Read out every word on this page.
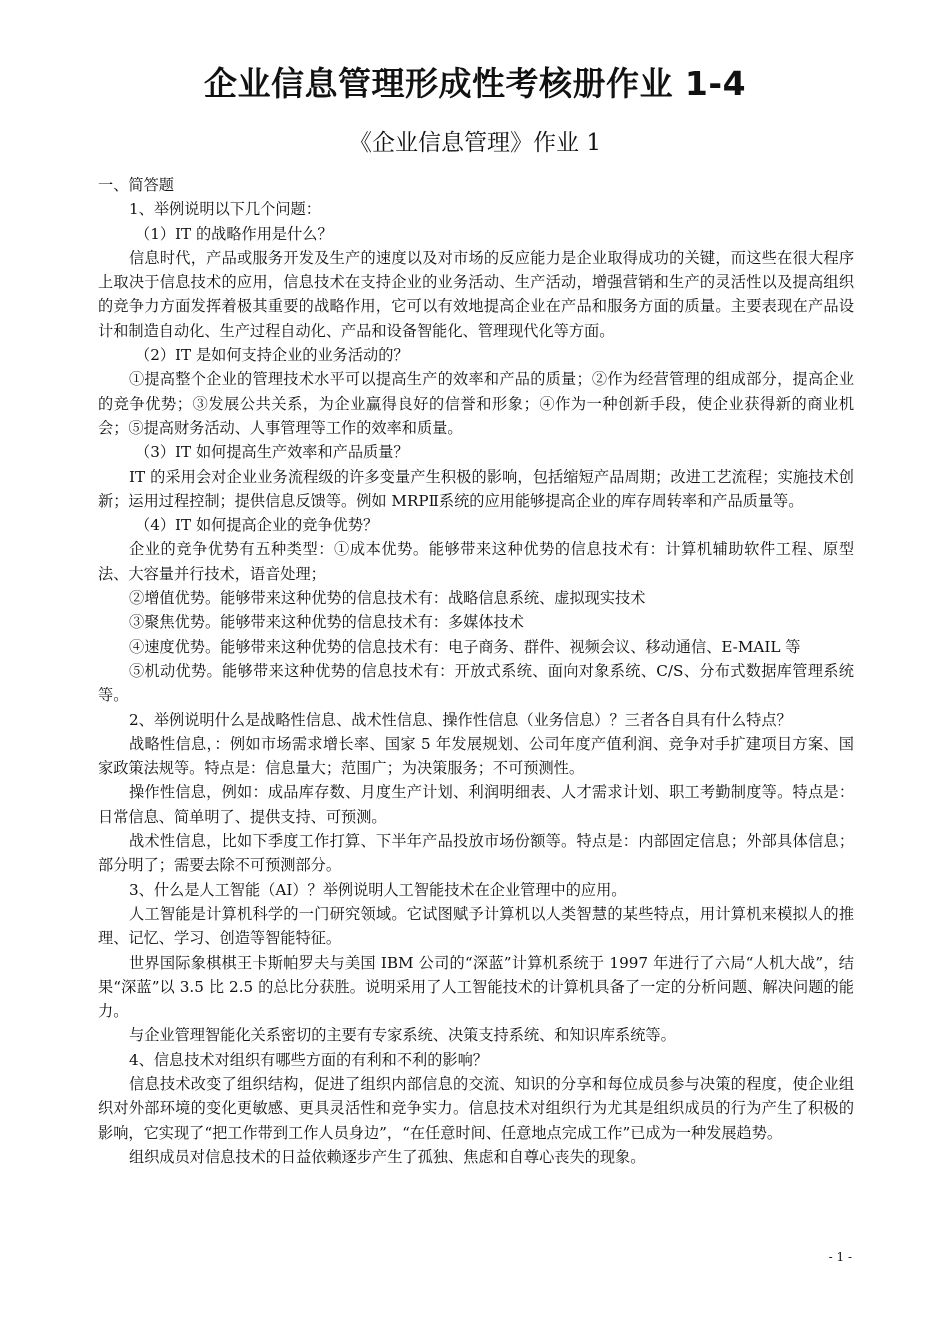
企业信息管理形成性考核册作业 1-4
《企业信息管理》作业 1

一、简答题

1、举例说明以下几个问题：

（1）IT 的战略作用是什么？

信息时代，产品或服务开发及生产的速度以及对市场的反应能力是企业取得成功的关键，而这些在很大程序上取决于信息技术的应用，信息技术在支持企业的业务活动、生产活动，增强营销和生产的灵活性以及提高组织的竞争力方面发挥着极其重要的战略作用，它可以有效地提高企业在产品和服务方面的质量。主要表现在产品设计和制造自动化、生产过程自动化、产品和设备智能化、管理现代化等方面。

（2）IT 是如何支持企业的业务活动的？

①提高整个企业的管理技术水平可以提高生产的效率和产品的质量；②作为经营管理的组成部分，提高企业的竞争优势；③发展公共关系，为企业赢得良好的信誉和形象；④作为一种创新手段，使企业获得新的商业机会；⑤提高财务活动、人事管理等工作的效率和质量。

（3）IT 如何提高生产效率和产品质量？

IT 的采用会对企业业务流程级的许多变量产生积极的影响，包括缩短产品周期；改进工艺流程；实施技术创新；运用过程控制；提供信息反馈等。例如 MRPⅡ系统的应用能够提高企业的库存周转率和产品质量等。

（4）IT 如何提高企业的竞争优势？

企业的竞争优势有五种类型：①成本优势。能够带来这种优势的信息技术有：计算机辅助软件工程、原型法、大容量并行技术，语音处理；

②增值优势。能够带来这种优势的信息技术有：战略信息系统、虚拟现实技术

③聚焦优势。能够带来这种优势的信息技术有：多媒体技术

④速度优势。能够带来这种优势的信息技术有：电子商务、群件、视频会议、移动通信、E-MAIL 等

⑤机动优势。能够带来这种优势的信息技术有：开放式系统、面向对象系统、C/S、分布式数据库管理系统等。

2、举例说明什么是战略性信息、战术性信息、操作性信息（业务信息）？三者各自具有什么特点？

战略性信息，：例如市场需求增长率、国家 5 年发展规划、公司年度产值利润、竞争对手扩建项目方案、国家政策法规等。特点是：信息量大；范围广；为决策服务；不可预测性。

操作性信息，例如：成品库存数、月度生产计划、利润明细表、人才需求计划、职工考勤制度等。特点是：日常信息、简单明了、提供支持、可预测。

战术性信息，比如下季度工作打算、下半年产品投放市场份额等。特点是：内部固定信息；外部具体信息；部分明了；需要去除不可预测部分。

3、什么是人工智能（AI）？举例说明人工智能技术在企业管理中的应用。

人工智能是计算机科学的一门研究领域。它试图赋予计算机以人类智慧的某些特点，用计算机来模拟人的推理、记忆、学习、创造等智能特征。

世界国际象棋棋王卡斯帕罗夫与美国 IBM 公司的“深蓝”计算机系统于 1997 年进行了六局“人机大战”，结果“深蓝”以 3.5 比 2.5 的总比分获胜。说明采用了人工智能技术的计算机具备了一定的分析问题、解决问题的能力。

与企业管理智能化关系密切的主要有专家系统、决策支持系统、和知识库系统等。

4、信息技术对组织有哪些方面的有利和不利的影响？

信息技术改变了组织结构，促进了组织内部信息的交流、知识的分享和每位成员参与决策的程度，使企业组织对外部环境的变化更敏感、更具灵活性和竞争实力。信息技术对组织行为尤其是组织成员的行为产生了积极的影响，它实现了“把工作带到工作人员身边”，“在任意时间、任意地点完成工作”已成为一种发展趋势。

组织成员对信息技术的日益依赖逐步产生了孤独、焦虑和自尊心丧失的现象。

- 1 -
